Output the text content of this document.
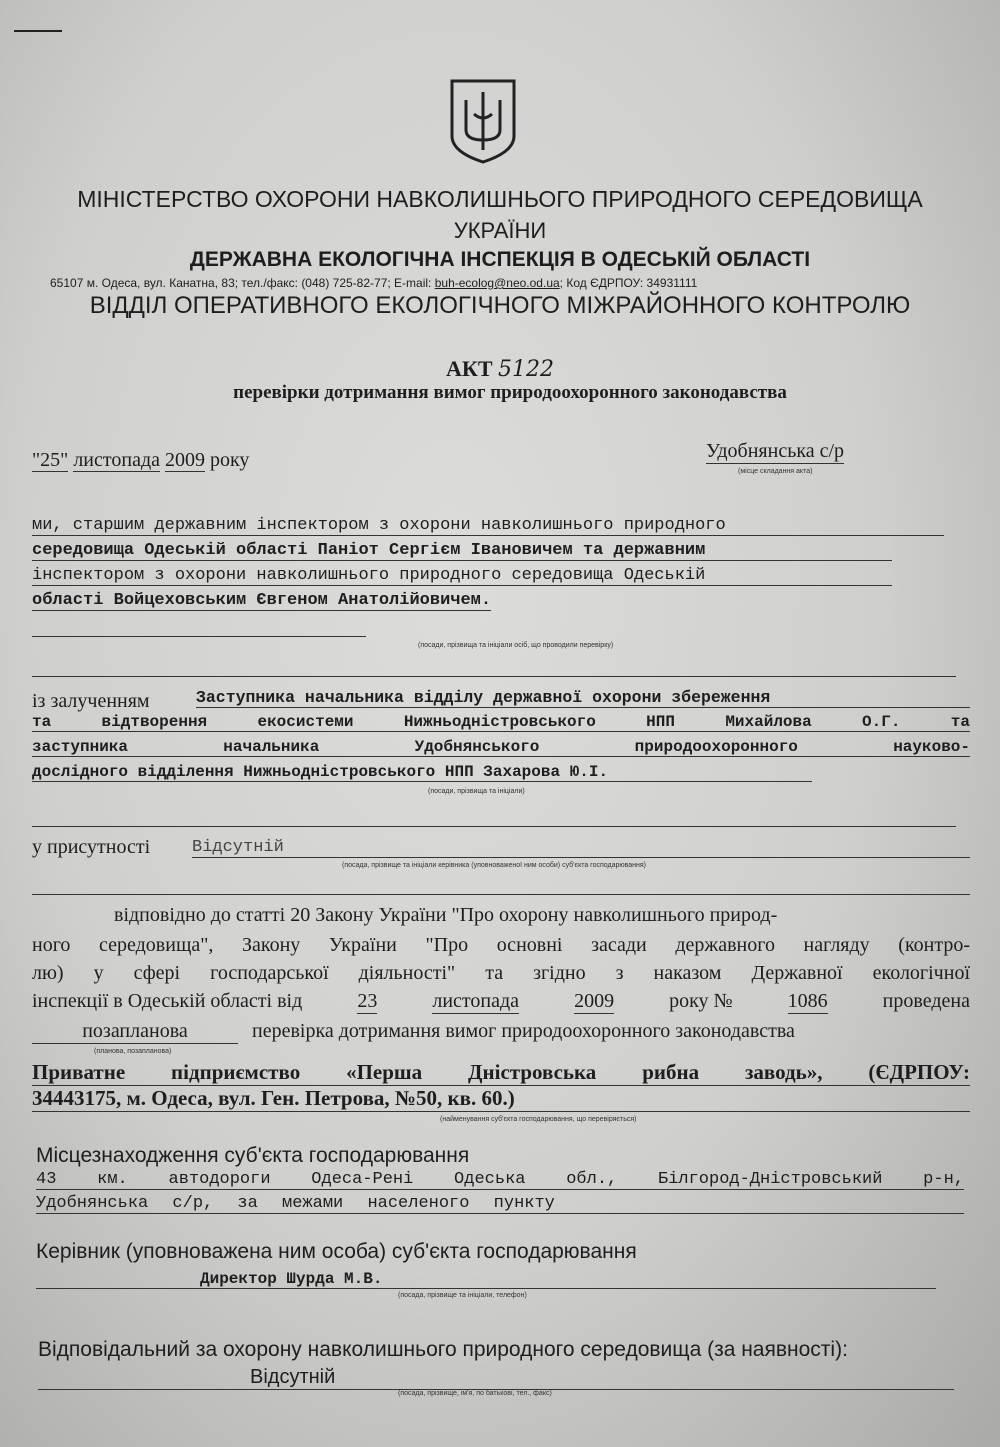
МІНІСТЕРСТВО ОХОРОНИ НАВКОЛИШНЬОГО ПРИРОДНОГО СЕРЕДОВИЩА
УКРАЇНИ
ДЕРЖАВНА ЕКОЛОГІЧНА ІНСПЕКЦІЯ В ОДЕСЬКІЙ ОБЛАСТІ
65107 м. Одеса, вул. Канатна, 83; тел./факс: (048) 725-82-77; E-mail: buh-ecolog@neo.od.ua; Код ЄДРПОУ: 34931111
ВІДДІЛ ОПЕРАТИВНОГО ЕКОЛОГІЧНОГО МІЖРАЙОННОГО КОНТРОЛЮ
АКТ 5122
перевірки дотримання вимог природоохоронного законодавства
"25" листопада 2009 року	Удобнянська с/р
(місце складання акта)
ми, старшим державним інспектором з охорони навколишнього природного
середовища Одеській області Паніот Сергієм Івановичем та державним
інспектором з охорони навколишнього природного середовища Одеській
області Войцеховським Євгеном Анатолійовичем.
(посади, прізвища та ініціали осіб, що проводили перевірку)
із залученням	Заступника начальника відділу державної охорони збереження
та відтворення екосистеми Нижньодністровського НПП Михайлова О.Г. та
заступника начальника Удобнянського природоохоронного науково-
дослідного відділення Нижньодністровського НПП Захарова Ю.І.
(посади, прізвища та ініціали)
у присутності Відсутній
(посада, прізвище та ініціали керівника (уповноваженої ним особи) суб'єкта господарювання)
відповідно до статті 20 Закону України "Про охорону навколишнього природ-
ного середовища", Закону України "Про основні засади державного нагляду (контро-
лю) у сфері господарської діяльності" та згідно з наказом Державної екологічної
інспекції в Одеській області від	23	листопада	2009	року №	1086	проведена
позапланова
(планова, позапланова)
перевірка дотримання вимог природоохоронного законодавства
Приватне підприємство «Перша Дністровська рибна заводь», (ЄДРПОУ:
34443175, м. Одеса, вул. Ген. Петрова, №50, кв. 60.)
(найменування суб'єкта господарювання, що перевіряється)
Місцезнаходження суб'єкта господарювання
43 км. автодороги Одеса-Рені Одеська обл., Білгород-Дністровський р-н,
Удобнянська с/р, за межами населеного пункту
Керівник (уповноважена ним особа) суб'єкта господарювання
Директор Шурда М.В.
(посада, прізвище та ініціали, телефон)
Відповідальний за охорону навколишнього природного середовища (за наявності):
Відсутній
(посада, прізвище, ім'я, по батькові, тел., факс)
